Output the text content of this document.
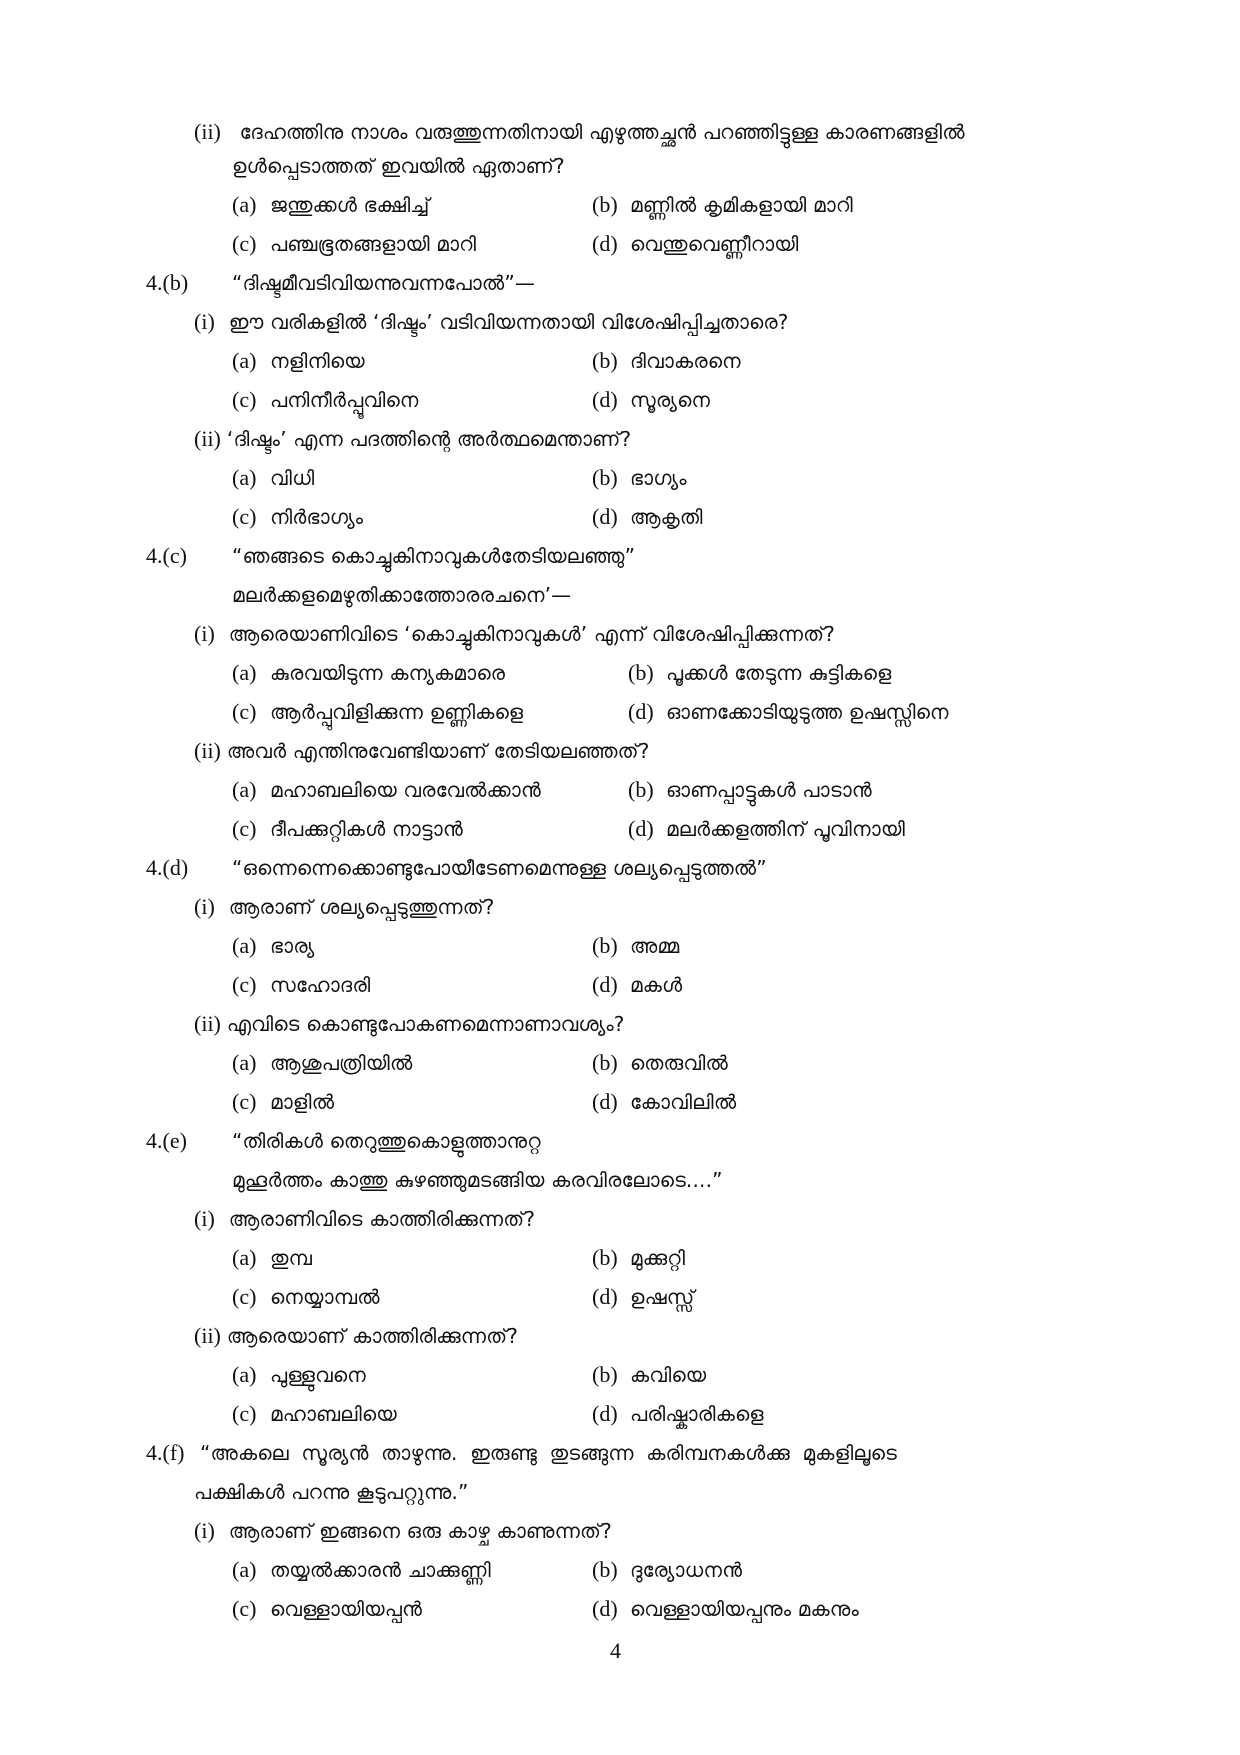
(ii) ദേഹത്തിനു നാശം വരുത്തുന്നതിനായി എഴുത്തച്ഛൻ പറഞ്ഞിട്ടുള്ള കാരണങ്ങളിൽ
ഉൾപ്പെടാത്തത് ഇവയിൽ ഏതാണ്?
(a) ജന്തുക്കൾ ഭക്ഷിച്ച്	(b) മണ്ണിൽ കൃമികളായി മാറി
(c) പഞ്ചഭൂതങ്ങളായി മാറി	(d) വെന്തുവെണ്ണീറായി
4.(b) “ദിഷ്ടമീവടിവിയന്നുവന്നപോൽ”—
(i) ഈ വരികളിൽ ‘ദിഷ്ടം’ വടിവിയന്നതായി വിശേഷിപ്പിച്ചതാരെ?
(a) നളിനിയെ	(b) ദിവാകരനെ
(c) പനിനീർപ്പൂവിനെ	(d) സൂര്യനെ
(ii) ‘ദിഷ്ടം’ എന്ന പദത്തിന്റെ അർത്ഥമെന്താണ്?
(a) വിധി	(b) ഭാഗ്യം
(c) നിർഭാഗ്യം	(d) ആകൃതി
4.(c) “ഞങ്ങടെ കൊച്ചുകിനാവുകൾതേടിയലഞ്ഞു”
മലർക്കളമെഴുതിക്കാത്തോരരചനെ’—
(i) ആരെയാണിവിടെ ‘കൊച്ചുകിനാവുകൾ’ എന്ന് വിശേഷിപ്പിക്കുന്നത്?
(a) കുരവയിടുന്ന കന്യകമാരെ	(b) പൂക്കൾ തേടുന്ന കുട്ടികളെ
(c) ആർപ്പുവിളിക്കുന്ന ഉണ്ണികളെ	(d) ഓണക്കോടിയുടുത്ത ഉഷസ്സിനെ
(ii) അവർ എന്തിനുവേണ്ടിയാണ് തേടിയലഞ്ഞത്?
(a) മഹാബലിയെ വരവേൽക്കാൻ	(b) ഓണപ്പാട്ടുകൾ പാടാൻ
(c) ദീപക്കുറ്റികൾ നാട്ടാൻ	(d) മലർക്കളത്തിന് പൂവിനായി
4.(d) “ഒന്നെന്നെക്കൊണ്ടുപോയീടേണമെന്നുള്ള ശല്യപ്പെടുത്തൽ”
(i) ആരാണ് ശല്യപ്പെടുത്തുന്നത്?
(a) ഭാര്യ	(b) അമ്മ
(c) സഹോദരി	(d) മകൾ
(ii) എവിടെ കൊണ്ടുപോകണമെന്നാണാവശ്യം?
(a) ആശുപത്രിയിൽ	(b) തെരുവിൽ
(c) മാളിൽ	(d) കോവിലിൽ
4.(e) “തിരികൾ തെറുത്തുകൊളുത്താനുറ്റ
മുഹൂർത്തം കാത്തു കുഴഞ്ഞുമടങ്ങിയ കരവിരലോടെ....”
(i) ആരാണിവിടെ കാത്തിരിക്കുന്നത്?
(a) തുമ്പ	(b) മുക്കുറ്റി
(c) നെയ്യാമ്പൽ	(d) ഉഷസ്സ്
(ii) ആരെയാണ് കാത്തിരിക്കുന്നത്?
(a) പുള്ളുവനെ	(b) കവിയെ
(c) മഹാബലിയെ	(d) പരിഷ്കാരികളെ
4.(f) “അകലെ സൂര്യൻ താഴുന്നു. ഇരുണ്ടു തുടങ്ങുന്ന കരിമ്പനകൾക്കു മുകളിലൂടെ
പക്ഷികൾ പറന്നു കൂടുപറ്റുന്നു.”
(i) ആരാണ് ഇങ്ങനെ ഒരു കാഴ്ച കാണുന്നത്?
(a) തയ്യൽക്കാരൻ ചാക്കുണ്ണി	(b) ദുര്യോധനൻ
(c) വെള്ളായിയപ്പൻ	(d) വെള്ളായിയപ്പനും മകനും
4
